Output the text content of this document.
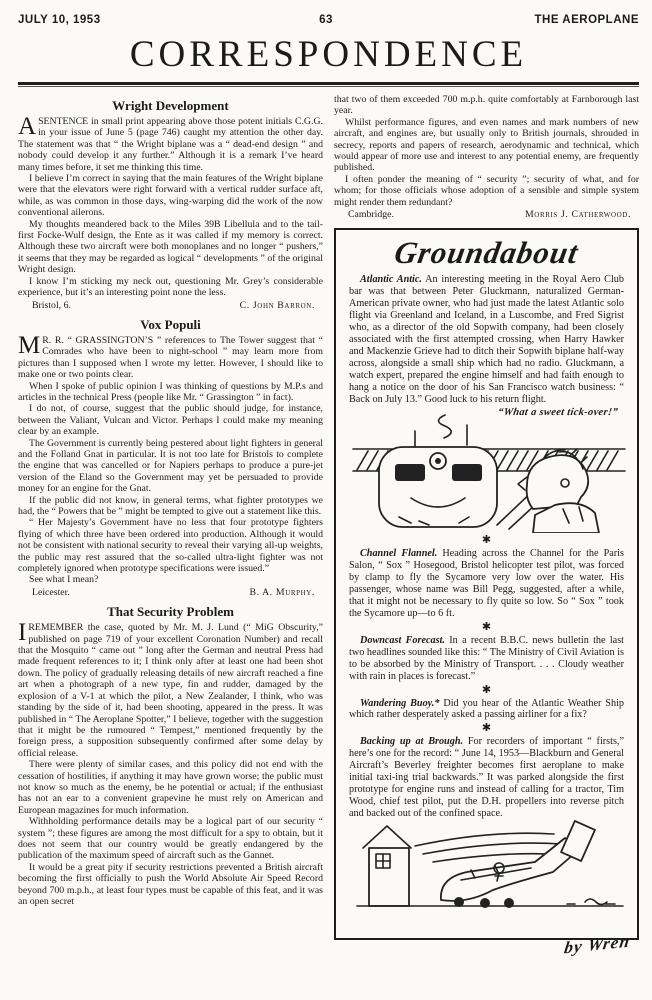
JULY 10, 1953	63	THE AEROPLANE
CORRESPONDENCE
Wright Development

ASENTENCE in small print appearing above those potent initials C.G.G. in your issue of June 5 (page 746) caught my attention the other day. The statement was that “ the Wright biplane was a “ dead-end design ” and nobody could develop it any further.” Although it is a remark I’ve heard many times before, it set me thinking this time.

I believe I’m correct in saying that the main features of the Wright biplane were that the elevators were right forward with a vertical rudder surface aft, while, as was common in those days, wing-warping did the work of the now conventional ailerons.

My thoughts meandered back to the Miles 39B Libellula and to the tail-first Focke-Wulf design, the Ente as it was called if my memory is correct. Although these two aircraft were both monoplanes and no longer “ pushers,” it seems that they may be regarded as logical “ developments ” of the original Wright design.

I know I’m sticking my neck out, questioning Mr. Grey’s considerable experience, but it’s an interesting point none the less.

Bristol, 6.	C. John Barron.
Vox Populi

M R. R. “ GRASSINGTON’S ” references to The Tower suggest that “ Comrades who have been to night-school ” may learn more from pictures than I supposed when I wrote my letter. However, I should like to make one or two points clear.

When I spoke of public opinion I was thinking of questions by M.P.s and articles in the technical Press (people like Mr. “ Grassington ” in fact).

I do not, of course, suggest that the public should judge, for instance, between the Valiant, Vulcan and Victor. Perhaps I could make my meaning clear by an example.

The Government is currently being pestered about light fighters in general and the Folland Gnat in particular. It is not too late for Bristols to complete the engine that was cancelled or for Napiers perhaps to produce a pure-jet version of the Eland so the Government may yet be persuaded to provide money for an engine for the Gnat.

If the public did not know, in general terms, what fighter prototypes we had, the “ Powers that be ” might be tempted to give out a statement like this.

“ Her Majesty’s Government have no less that four prototype fighters flying of which three have been ordered into production. Although it would not be consistent with national security to reveal their varying all-up weights, the public may rest assured that the so-called ultra-light fighter was not completely ignored when prototype specifications were issued.”

See what I mean?

Leicester.	B. A. Murphy.
That Security Problem

IREMEMBER the case, quoted by Mr. M. J. Lund (“ MiG Obscurity,” published on page 719 of your excellent Coronation Number) and recall that the Mosquito “ came out ” long after the German and neutral Press had made frequent references to it; I think only after at least one had been shot down. The policy of gradually releasing details of new aircraft reached a fine art when a photograph of a new type, fin and rudder, damaged by the explosion of a V-1 at which the pilot, a New Zealander, I think, who was standing by the side of it, had been shooting, appeared in the press. It was published in “ The Aeroplane Spotter,” I believe, together with the suggestion that it might be the rumoured “ Tempest,” mentioned frequently by the foreign press, a supposition subsequently confirmed after some delay by official release.

There were plenty of similar cases, and this policy did not end with the cessation of hostilities, if anything it may have grown worse; the public must not know so much as the enemy, be he potential or actual; if the enthusiast has not an ear to a convenient grapevine he must rely on American and European magazines for much information.

Withholding performance details may be a logical part of our security “ system ”; these figures are among the most difficult for a spy to obtain, but it does not seem that our country would be greatly endangered by the publication of the maximum speed of aircraft such as the Gannet.

It would be a great pity if security restrictions prevented a British aircraft becoming the first officially to push the World Absolute Air Speed Record beyond 700 m.p.h., at least four types must be capable of this feat, and it was an open secret

that two of them exceeded 700 m.p.h. quite comfortably at Farnborough last year.

Whilst performance figures, and even names and mark numbers of new aircraft, and engines are, but usually only to British journals, shrouded in secrecy, reports and papers of research, aerodynamic and technical, which would appear of more use and interest to any potential enemy, are frequently published.

I often ponder the meaning of “ security ”; security of what, and for whom; for those officials whose adoption of a sensible and simple system might render them redundant?

Cambridge.	Morris J. Catherwood.
Groundabout

Atlantic Antic. An interesting meeting in the Royal Aero Club bar was that between Peter Gluckmann, naturalized German-American private owner, who had just made the latest Atlantic solo flight via Greenland and Iceland, in a Luscombe, and Fred Sigrist who, as a director of the old Sopwith company, had been closely associated with the first attempted crossing, when Harry Hawker and Mackenzie Grieve had to ditch their Sopwith biplane half-way across, alongside a small ship which had no radio. Gluckmann, a watch expert, prepared the engine himself and had faith enough to hang a notice on the door of his San Francisco watch business: “ Back on July 13.” Good luck to his return flight.

“What a sweet tick-over!”
✱

Channel Flannel. Heading across the Channel for the Paris Salon, “ Sox ” Hosegood, Bristol helicopter test pilot, was forced by clamp to fly the Sycamore very low over the water. His passenger, whose name was Bill Pegg, suggested, after a while, that it might not be necessary to fly quite so low. So “ Sox ” took the Sycamore up—to 6 ft.

✱

Downcast Forecast. In a recent B.B.C. news bulletin the last two headlines sounded like this: “ The Ministry of Civil Aviation is to be absorbed by the Ministry of Transport. . . . Cloudy weather with rain in places is forecast.”

✱

Wandering Buoy.* Did you hear of the Atlantic Weather Ship which rather desperately asked a passing airliner for a fix?

✱

Backing up at Brough. For recorders of important “ firsts,” here’s one for the record: “ June 14, 1953—Blackburn and General Aircraft’s Beverley freighter becomes first aeroplane to make initial taxi-ing trial backwards.” It was parked alongside the first prototype for engine runs and instead of calling for a tractor, Tim Wood, chief test pilot, put the D.H. propellers into reverse pitch and backed out of the confined space.

by Wren
